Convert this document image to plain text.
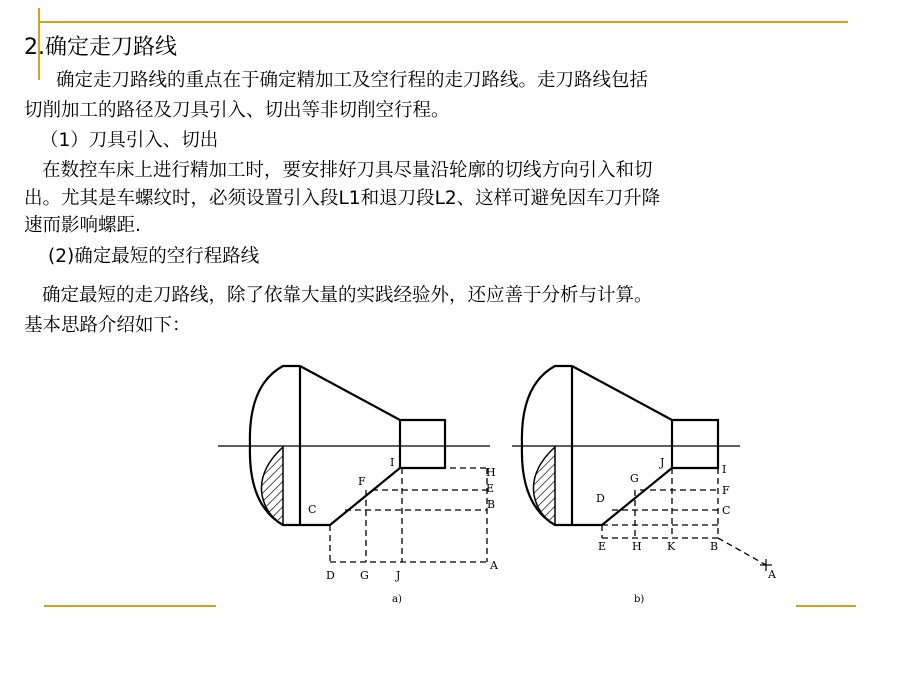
2.确定走刀路线
确定走刀路线的重点在于确定精加工及空行程的走刀路线。走刀路线包括
切削加工的路径及刀具引入、切出等非切削空行程。
（1）刀具引入、切出
在数控车床上进行精加工时，要安排好刀具尽量沿轮廓的切线方向引入和切
出。尤其是车螺纹时，必须设置引入段L1和退刀段L2、这样可避免因车刀升降
速而影响螺距.
(2)确定最短的空行程路线
确定最短的走刀路线，除了依靠大量的实践经验外，还应善于分析与计算。
基本思路介绍如下：
H
E
B
I
F
C
A
D G J
a)
D
G
J
I
F
C
E H K	B
A
b)
